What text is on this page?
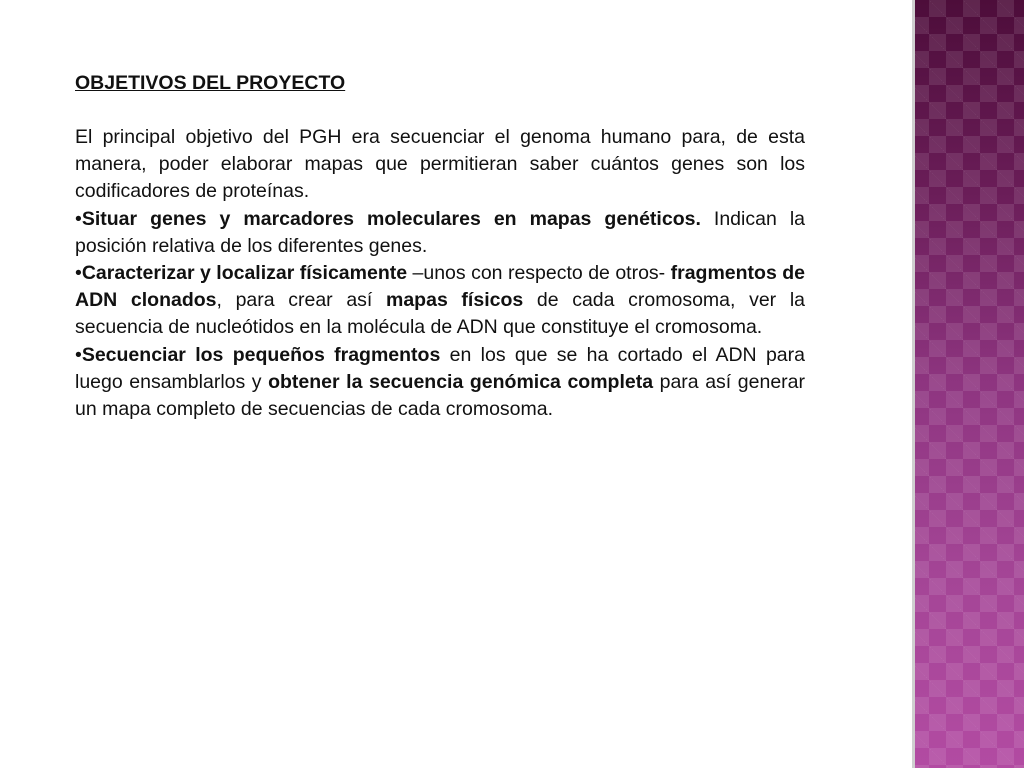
OBJETIVOS DEL PROYECTO

El principal objetivo del PGH era secuenciar el genoma humano para, de esta manera, poder elaborar mapas que permitieran saber cuántos genes son los codificadores de proteínas.

•Situar genes y marcadores moleculares en mapas genéticos. Indican la posición relativa de los diferentes genes.

•Caracterizar y localizar físicamente –unos con respecto de otros- fragmentos de ADN clonados, para crear así mapas físicos de cada cromosoma, ver la secuencia de nucleótidos en la molécula de ADN que constituye el cromosoma.

•Secuenciar los pequeños fragmentos en los que se ha cortado el ADN para luego ensamblarlos y obtener la secuencia genómica completa para así generar un mapa completo de secuencias de cada cromosoma.
